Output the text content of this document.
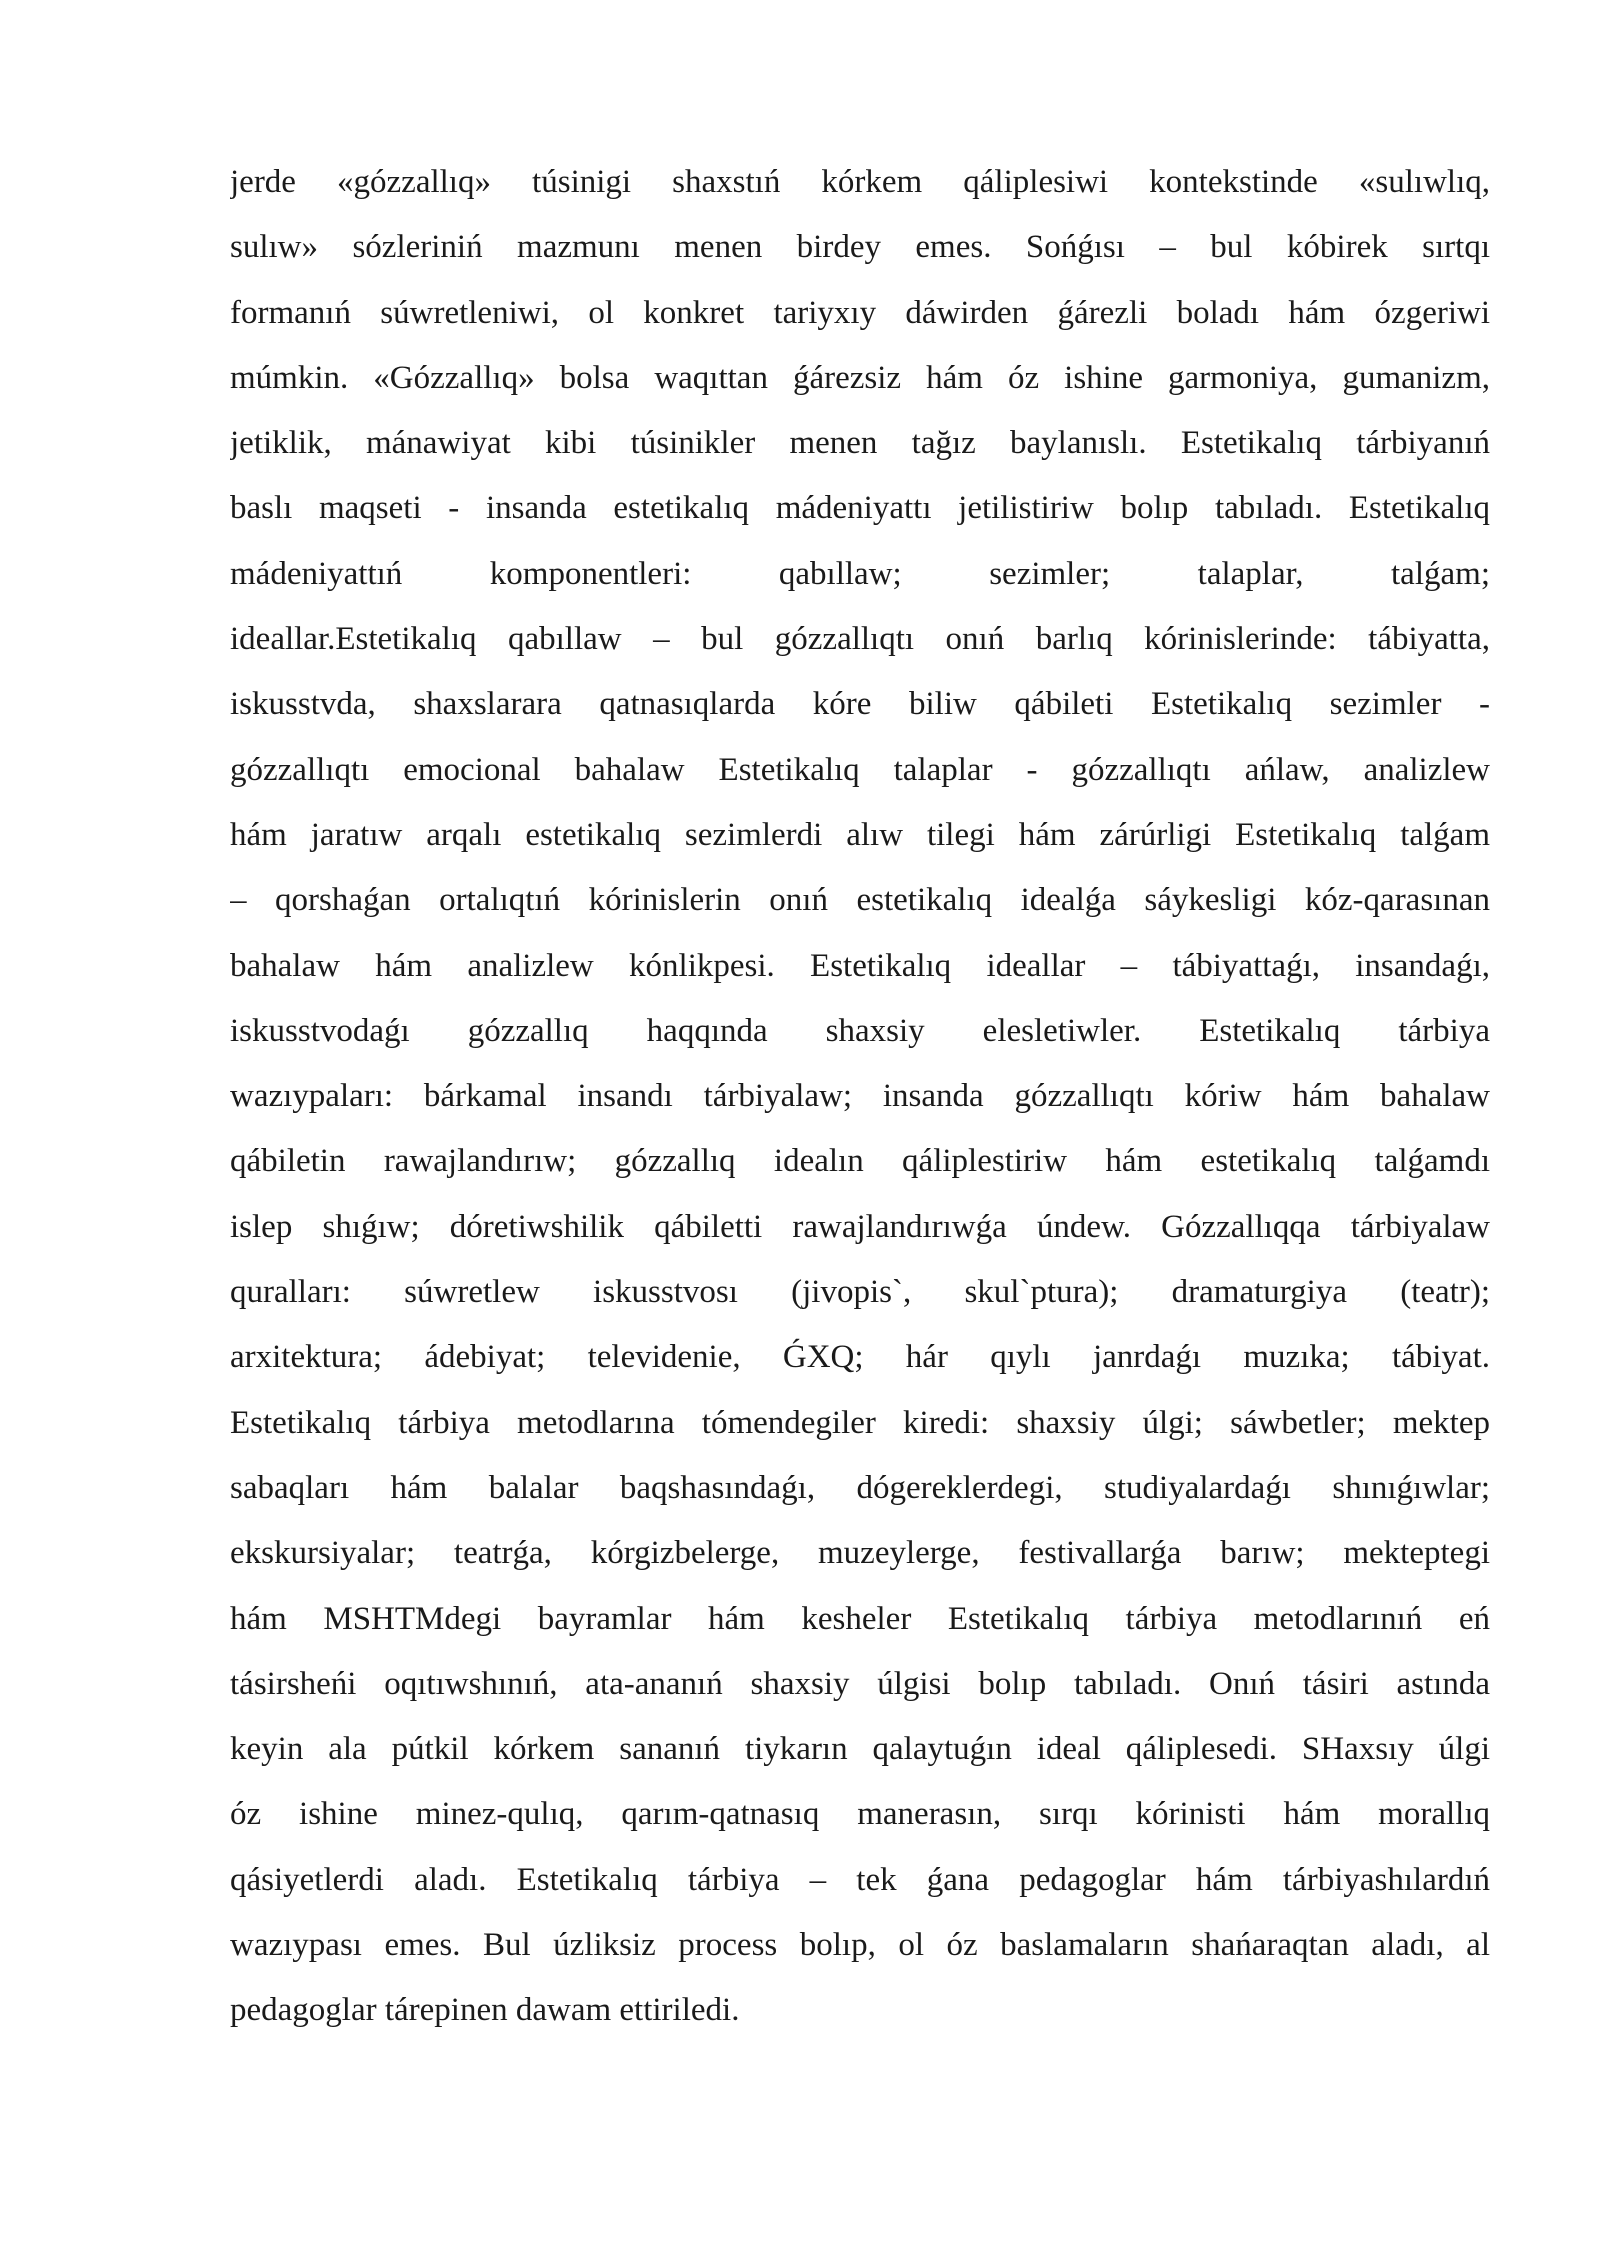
jerde «gózzallıq» túsinigi shaxstıń kórkem qáliplesiwi kontekstinde «sulıwlıq,
sulıw» sózleriniń mazmunı menen birdey emes. Sońǵısı – bul kóbirek sırtqı
formanıń súwretleniwi, ol konkret tariyxıy dáwirden ǵárezli boladı hám ózgeriwi
múmkin. «Gózzallıq» bolsa waqıttan ǵárezsiz hám óz ishine garmoniya, gumanizm,
jetiklik, mánawiyat kibi túsinikler menen tağız baylanıslı. Estetikalıq tárbiyanıń
baslı maqseti - insanda estetikalıq mádeniyattı jetilistiriw bolıp tabıladı. Estetikalıq
mádeniyattıń komponentleri: qabıllaw; sezimler; talaplar, talǵam;
ideallar.Estetikalıq qabıllaw – bul gózzallıqtı onıń barlıq kórinislerinde: tábiyatta,
iskusstvda, shaxslarara qatnasıqlarda kóre biliw qábileti Estetikalıq sezimler -
gózzallıqtı emocional bahalaw Estetikalıq talaplar - gózzallıqtı ańlaw, analizlew
hám jaratıw arqalı estetikalıq sezimlerdi alıw tilegi hám zárúrligi Estetikalıq talǵam
– qorshaǵan ortalıqtıń kórinislerin onıń estetikalıq idealǵa sáykesligi kóz-qarasınan
bahalaw hám analizlew kónlikpesi. Estetikalıq ideallar – tábiyattaǵı, insandaǵı,
iskusstvodaǵı gózzallıq haqqında shaxsiy elesletiwler. Estetikalıq tárbiya
wazıypaları: bárkamal insandı tárbiyalaw; insanda gózzallıqtı kóriw hám bahalaw
qábiletin rawajlandırıw; gózzallıq idealın qáliplestiriw hám estetikalıq talǵamdı
islep shıǵıw; dóretiwshilik qábiletti rawajlandırıwǵa úndew. Gózzallıqqa tárbiyalaw
quralları: súwretlew iskusstvosı (jivopis`, skul`ptura); dramaturgiya (teatr);
arxitektura; ádebiyat; televidenie, ǴXQ; hár qıylı janrdaǵı muzıka; tábiyat.
Estetikalıq tárbiya metodlarına tómendegiler kiredi: shaxsiy úlgi; sáwbetler; mektep
sabaqları hám balalar baqshasındaǵı, dógereklerdegi, studiyalardaǵı shınıǵıwlar;
ekskursiyalar; teatrǵa, kórgizbelerge, muzeylerge, festivallarǵa barıw; mekteptegi
hám MSHTMdegi bayramlar hám kesheler Estetikalıq tárbiya metodlarınıń eń
tásirsheńi oqıtıwshınıń, ata-ananıń shaxsiy úlgisi bolıp tabıladı. Onıń tásiri astında
keyin ala pútkil kórkem sananıń tiykarın qalaytuǵın ideal qáliplesedi. SHaxsıy úlgi
óz ishine minez-qulıq, qarım-qatnasıq manerasın, sırqı kórinisti hám morallıq
qásiyetlerdi aladı. Estetikalıq tárbiya – tek ǵana pedagoglar hám tárbiyashılardıń
wazıypası emes. Bul úzliksiz process bolıp, ol óz baslamaların shańaraqtan aladı, al
pedagoglar tárepinen dawam ettiriledi.
